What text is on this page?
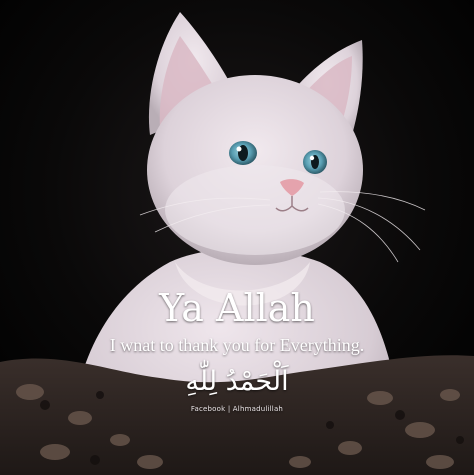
Ya Allah
I wnat to thank you for Everything.
اَلْحَمْدُ لِلّٰهِ
Facebook | Alhmadulillah
